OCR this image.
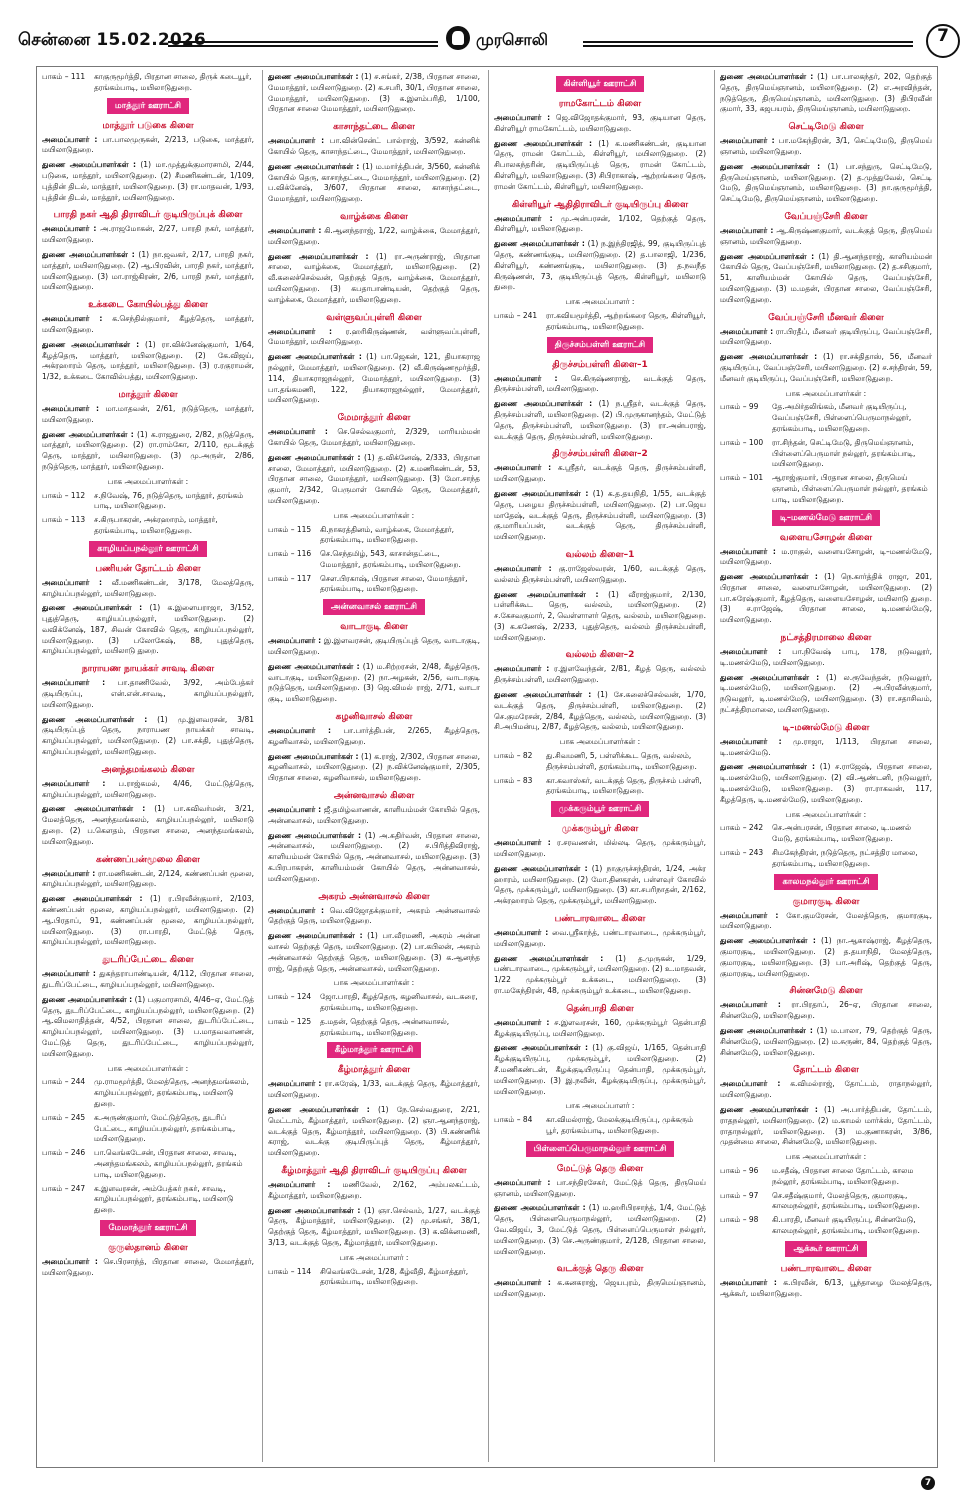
சென்னை 15.02.2026	முரசொலி	7
பாகம் – 111	காகுருமூர்த்தி, பிரதான சாலை, திருக் கடையூர், தரங்கம்பாடி, மயிலாடுதுறை.
மாத்தூர் ஊராட்சி
மாத்தூர் படுகை கிளை
அமைப்பாளர் : பா.பாலமுருகன், 2/213, படுகை, மாத்தூர், மயிலாடுதுறை.
துணை அமைப்பாளர்கள் : (1) மா.முத்துக்குமாரசாமி, 2/44, படுகை, மாத்தூர், மயிலாடுதுறை. (2) சீமணிகண்டன், 1/109, புத்தின் திடல், மாத்தூர், மயிலாடுதுறை. (3) ரா.மாதவன், 1/93, புத்தின் திடல், மாத்தூர், மயிலாடுதுறை.
பாரதி நகர் ஆதி திராவிடர் குடியிருப்புக் கிளை
அமைப்பாளர் : அ.ராஜமோகன், 2/27, பாரதி நகர், மாத்தூர், மயிலாடுதுறை.
துணை அமைப்பாளர்கள் : (1) நா.ஜவகர், 2/17, பாரதி நகர், மாத்தூர், மயிலாடுதுறை. (2) ஆ.பிரவின், பாரதி நகர், மாத்தூர், மயிலாடுதுறை. (3) மா.ராஜ்கிரண், 2/6, பாரதி நகர், மாத்தூர், மயிலாடுதுறை.
உக்கடை கோயில்பத்து கிளை
அமைப்பாளர் : க.செந்தில்குமார், கீழத்தெரு, மாத்தூர், மயிலாடுதுறை.
துணை அமைப்பாளர்கள் : (1) ரா.விக்னேஷ்குமார், 1/64, கீழத்தெரு, மாத்தூர், மயிலாடுதுறை. (2) கே.விஜய், அக்ரஹாரம் தெரு, மாத்தூர், மயிலாடுதுறை. (3) ர.ரகுராமன், 1/32, உக்கடை கோவில்பத்து, மயிலாடுதுறை.
மாத்தூர் கிளை
அமைப்பாளர் : மா.மாதவன், 2/61, நடுத்தெரு, மாத்தூர், மயிலாடுதுறை.
துணை அமைப்பாளர்கள் : (1) க.ராஜதுரை, 2/82, நடுத்தெரு, மாத்தூர், மயிலாடுதுறை. (2) ரா.ராம்கோ, 2/110, மூடக்குத் தெரு, மாத்தூர், மயிலாடுதுறை. (3) மு.அருள், 2/86, நடுத்தெரு, மாத்தூர், மயிலாடுதுறை.
பாக அமைப்பாளர்கள் :
பாகம் – 112	ச.நிவேஷ், 76, நடுத்தெரு, மாத்தூர், தரங்கம் பாடி, மயிலாடுதுறை.
பாகம் – 113	ச.கிருபாகரன், அக்ரஹாரம், மாத்தூர், தரங்கம்பாடி, மயிலாடுதுறை.
காழியப்பநல்லூர் ஊராட்சி
பணியன் தோட்டம் கிளை
அமைப்பாளர் : வீ.மணிகண்டன், 3/178, மேலத்தெரு, காழியப்பநல்லூர், மயிலாடுதுறை.
துணை அமைப்பாளர்கள் : (1) க.இளையராஜா, 3/152, புதுத்தெரு, காழியப்பநல்லூர், மயிலாடுதுறை. (2) வவிக்னேஷ், 187, சிவன் கோவில் தெரு, காழியப்பநல்லூர், மயிலாடுதுறை. (3) பலோகேஷ், 88, புதுத்தெரு, காழியப்பநல்லூர், மயிலாடு துறை.
நாராயண நாயக்கர் சாவடி கிளை
அமைப்பாளர் : பா.தாணிவேல், 3/92, அம்பேத்கர் குடியிருப்பு, என்.என்.சாவடி, காழியப்பநல்லூர், மயிலாடுதுறை.
துணை அமைப்பாளர்கள் : (1) மு.இளவரசன், 3/81 குடியிருப்புத் தெரு, நாராயண நாயக்கர் சாவடி, காழியப்பநல்லூர், மயிலாடுதுறை. (2) பா.சக்தி, புதுத்தெரு, காழியப்பநல்லூர், மயிலாடுதுறை.
அனந்தமங்கலம் கிளை
அமைப்பாளர் : ப.ராஜ்கமல், 4/46, மேட்டுத்தெரு, காழியப்பநல்லூர், மயிலாடுதுறை.
துணை அமைப்பாளர்கள் : (1) பா.கவிவர்மன், 3/21, மேலத்தெரு, அனந்தமங்கலம், காழியப்பநல்லூர், மயிலாடு துறை. (2) ப.கௌதம், பிரதான சாலை, அனந்தமங்கலம், மயிலாடுதுறை.
கண்ணப்பன்மூலை கிளை
அமைப்பாளர் : ரா.மணிகண்டன், 2/124, கண்ணப்பன் மூலை, காழியப்பநல்லூர், மயிலாடுதுறை.
துணை அமைப்பாளர்கள் : (1) ர.பிரவீன்குமார், 2/103, கண்ணப்பன் மூலை, காழியப்பநல்லூர், மயிலாடுதுறை. (2) ஆ.பிரதாப், 91, கண்ணப்பன் மூலை, காழியப்பநல்லூர், மயிலாடுதுறை. (3) ரா.பாரதி, மேட்டுத் தெரு, காழியப்பநல்லூர், மயிலாடுதுறை.
துடரிப்பேட்டை கிளை
அமைப்பாளர் : துகந்தராபாண்டியன், 4/112, பிரதான சாலை, துடரிப்பேட்டை, காழியப்பநல்லூர், மயிலாடுதுறை.
துணை அமைப்பாளர்கள் : (1) பகுமாரசாமி, 4/46–ஏ, மேட்டுத் தெரு, துடரிப்பேட்டை, காழியப்பநல்லூர், மயிலாடுதுறை. (2) ஆ.விமலாதித்தன், 4/52, பிரதான சாலை, துடரிப்பேட்டை, காழியப்பநல்லூர், மயிலாடுதுறை. (3) ப.மாதவவாணன், மேட்டுத் தெரு, துடரிப்பேட்டை, காழியப்பநல்லூர், மயிலாடுதுறை.
பாக அமைப்பாளர்கள் :
பாகம் – 244	மு.ராமமூர்த்தி, மேலத்தெரு, அனந்தமங்கலம், காழியப்பநல்லூர், தரங்கம்பாடி, மயிலாடு துறை.
பாகம் – 245	க.அருண்குமார், மேட்டுத்தெரு, துடரிப் பேட்டை, காழியப்பநல்லூர், தரங்கம்பாடி, மயிலாடுதுறை.
பாகம் – 246	பா.வெங்கடேசன், பிரதான சாலை, சாவடி, அனந்தமங்கலம், காழியப்பநல்லூர், தரங்கம் பாடி, மயிலாடுதுறை.
பாகம் – 247	க.இளவரசன், அம்பேத்கர் நகர், சாவடி, காழியப்பநல்லூர், தரங்கம்பாடி, மயிலாடு துறை.
மேமாத்தூர் ஊராட்சி
குருஸ்தானம் கிளை
அமைப்பாளர் : செ.பிரசாந்த், பிரதான சாலை, மேமாத்தூர், மயிலாடுதுறை.
துணை அமைப்பாளர்கள் : (1) ச.சங்கர், 2/38, பிரதான சாலை, மேமாத்தூர், மயிலாடுதுறை. (2) க.சபரி, 30/1, பிரதான சாலை, மேமாத்தூர், மயிலாடுதுறை. (3) க.இளம்பரிதி, 1/100, பிரதான சாலை மேமாத்தூர், மயிலாடுதுறை.
காசாந்தட்டை கிளை
அமைப்பாளர் : பா.வின்சென்ட் பால்ராஜ், 3/592, கன்னிக் கோயில் தெரு, காசாந்தட்டை, மேமாத்தூர், மயிலாடுதுறை.
துணை அமைப்பாளர்கள் : (1) ம.மார்த்திபன், 3/560, கன்னிக் கோயில் தெரு, காசாந்தட்டை, மேமாத்தூர், மயிலாடுதுறை. (2) ப.விக்னேஷ், 3/607, பிரதான சாலை, காசாந்தட்டை, மேமாத்தூர், மயிலாடுதுறை.
வாழ்க்கை கிளை
அமைப்பாளர் : கி.ஆனந்தராஜ், 1/22, வாழ்க்கை, மேமாத்தூர், மயிலாடுதுறை.
துணை அமைப்பாளர்கள் : (1) ரா.அருண்ராஜ், பிரதான சாலை, வாழ்க்கை, மேமாத்தூர், மயிலாடுதுறை. (2) வீ.கலைச்செல்வன், தெற்குத் தெரு, வாழ்க்கை, மேமாத்தூர், மயிலாடுதுறை. (3) கபதாபாண்டியன், தெற்குத் தெரு, வாழ்க்கை, மேமாத்தூர், மயிலாடுதுறை.
வள்ளுவப்புள்ளி கிளை
அமைப்பாளர் : ர.ஹரிகிருஷ்ணன், வள்ளுவப்புள்ளி, மேமாத்தூர், மயிலாடுதுறை.
துணை அமைப்பாளர்கள் : (1) பா.ஜெகன், 121, தியாகராஜ நல்லூர், மேமாத்தூர், மயிலாடுதுறை. (2) வீ.கிருஷ்ணமூர்த்தி, 114, தியாகராஜநல்லூர், மேமாத்தூர், மயிலாடுதுறை. (3) பா.தங்கமணி, 122, தியாகராஜநல்லூர், மேமாத்தூர், மயிலாடுதுறை.
மேமாத்தூர் கிளை
அமைப்பாளர் : செ.செல்வகுமார், 2/329, மாரியம்மன் கோயில் தெரு, மேமாத்தூர், மயிலாடுதுறை.
துணை அமைப்பாளர்கள் : (1) த.விக்னேஷ், 2/333, பிரதான சாலை, மேமாத்தூர், மயிலாடுதுறை. (2) க.மணிகண்டன், 53, பிரதான சாலை, மேமாத்தூர், மயிலாடுதுறை. (3) மோ.சாந்த குமார், 2/342, பெருமாள் கோயில் தெரு, மேமாத்தூர், மயிலாடுதுறை.
பாக அமைப்பாளர்கள் :
பாகம் – 115	கி.நாகரத்தினம், வாழ்க்கை, மேமாத்தூர், தரங்கம்பாடி, மயிலாடுதுறை.
பாகம் – 116	செ.செந்தமிழ், 543, காசான்தட்டை, மேமாத்தூர், தரங்கம்பாடி, மயிலாடுதுறை.
பாகம் – 117	சௌ.பிரகாஷ், பிரதான சாலை, மேமாத்தூர், தரங்கம்பாடி, மயிலாடுதுறை.
அன்னவாசல் ஊராட்சி
வாடாகுடி கிளை
அமைப்பாளர் : இ.இளவரசன், குடியிருப்புத் தெரு, வாடாகுடி, மயிலாடுதுறை.
துணை அமைப்பாளர்கள் : (1) ம.சிற்றரசன், 2/48, கீழத்தெரு, வாடாகுடி, மயிலாடுதுறை. (2) நா.அழகன், 2/56, வாடாகுடி நடுத்தெரு, மயிலாடுதுறை. (3) ஜெ.விமல் ராஜ், 2/71, வாடா குடி, மயிலாடுதுறை.
கழனிவாசல் கிளை
அமைப்பாளர் : பா.பார்த்திபன், 2/265, கீழத்தெரு, கழனிவாசல், மயிலாடுதுறை.
துணை அமைப்பாளர்கள் : (1) க.ராஜ், 2/302, பிரதான சாலை, கழனிவாசல், மயிலாடுதுறை. (2) ந.விக்னேஷ்குமார், 2/305, பிரதான சாலை, கழனிவாசல், மயிலாடுதுறை.
அன்னவாசல் கிளை
அமைப்பாளர் : ஜீ.தமிழ்வாணன், காளியம்மன் கோயில் தெரு, அன்னவாசல், மயிலாடுதுறை.
துணை அமைப்பாளர்கள் : (1) அ.சுதிர்வன், பிரதான சாலை, அன்னவாசல், மயிலாடுதுறை. (2) ச.பிரித்திவிராஜ், காளியம்மன் கோயில் தெரு, அன்னவாசல், மயிலாடுதுறை. (3) க.பிரபாகரன், காளியம்மன் கோயில் தெரு, அன்னவாசல், மயிலாடுதுறை.
அகரம் அன்னவாசல் கிளை
அமைப்பாளர் : வெ.விஜோதக்குமார், அகரம் அன்னவாசல் தெற்குத் தெரு, மயிலாடுதுறை.
துணை அமைப்பாளர்கள் : (1) பா.வீரமணி, அகரம் அன்ன வாசல் தெற்குத் தெரு, மயிலாடுதுறை. (2) பா.கபிலன், அகரம் அன்னவாசல் தெற்குத் தெரு, மயிலாடுதுறை. (3) க.ஆனந்த ராஜ், தெற்குத் தெரு, அன்னவாசல், மயிலாடுதுறை.
பாக அமைப்பாளர்கள் :
பாகம் – 124	ஜோ.பாரதி, கீழத்தெரு, கழனிவாசல், வடகரை, தரங்கம்பாடி, மயிலாடுதுறை.
பாகம் – 125	த.மதன், தெற்குத் தெரு, அன்னவாசல், தரங்கம்பாடி, மயிலாடுதுறை.
கீழ்மாத்தூர் ஊராட்சி
கீழ்மாத்தூர் கிளை
அமைப்பாளர் : ரா.சுரேஷ், 1/33, வடக்குத் தெரு, கீழ்மாத்தூர், மயிலாடுதுறை.
துணை அமைப்பாளர்கள் : (1) நே.செல்வதுரை, 2/21, மெட்டாம், கீழ்மாத்தூர், மயிலாடுதுறை. (2) ஞா.ஆனந்தராஜ், வடக்குத் தெரு, கீழ்மாத்தூர், மயிலாடுதுறை. (3) பி.கண்ணிக் கராஜ், வடக்கு குடியிருப்புத் தெரு, கீழ்மாத்தூர், மயிலாடுதுறை.
கீழ்மாத்தூர் ஆதி திராவிடர் குடியிருப்பு கிளை
அமைப்பாளர் : மணிவேல், 2/162, அம்பலகட்டம், கீழ்மாத்தூர், மயிலாடுதுறை.
துணை அமைப்பாளர்கள் : (1) ஞா.செல்வம், 1/27, வடக்குத் தெரு, கீழ்மாத்தூர், மயிலாடுதுறை. (2) மு.சங்கர், 38/1, தெற்குத் தெரு, கீழ்மாத்தூர், மயிலாடுதுறை. (3) க.விக்னமணி, 3/13, வடக்குத் தெரு, கீழ்மாத்தூர், மயிலாடுதுறை.
பாக அமைப்பாளர் :
பாகம் – 114	சிவெங்கடேசன், 1/28, கீழ்வீதி, கீழ்மாத்தூர், தரங்கம்பாடி, மயிலாடுதுறை.
கிள்ளியூர் ஊராட்சி
ராமகோட்டம் கிளை
அமைப்பாளர் : ஜெ.விஜோதக்குமார், 93, குடியான தெரு, கிள்ளியூர் ராமகோட்டம், மயிலாடுதுறை.
துணை அமைப்பாளர்கள் : (1) க.மணிகண்டன், குடியான தெரு, ராமன் கோட்டம், கிள்ளியூர், மயிலாடுதுறை. (2) சிபாலசுந்தரின், குடியிருப்புத் தெரு, ராமன் கோட்டம், கிள்ளியூர், மயிலாடுதுறை. (3) சிபிராகாஷ், ஆற்றங்கரை தெரு, ராமன் கோட்டம், கிள்ளியூர், மயிலாடுதுறை.
கிள்ளியூர் ஆதிதிராவிடர் குடியிருப்பு கிளை
அமைப்பாளர் : மு.அன்பரசன், 1/102, தெற்குத் தெரு, கிள்ளியூர், மயிலாடுதுறை.
துணை அமைப்பாளர்கள் : (1) ந.இந்திரஜித், 99, குடியிருப்புத் தெரு, கண்ணங்குடி, மயிலாடுதுறை. (2) த.பாலாஜி, 1/236, கிள்ளியூர், கண்ணங்குடி, மயிலாடுதுறை. (3) த.நவநீத கிருஷ்ணன், 73, குடியிருப்புத் தெரு, கிள்ளியூர், மயிலாடு துறை.
பாக அமைப்பாளர் :
பாகம் – 241	ரா.கவியமூர்த்தி, ஆற்றங்கரை தெரு, கிள்ளியூர், தரங்கம்பாடி, மயிலாடுதுறை.
திருச்சம்பள்ளி ஊராட்சி
திருச்சம்பள்ளி கிளை–1
அமைப்பாளர் : செ.கிருஷ்ணராஜ், வடக்குத் தெரு, திருச்சம்பள்ளி, மயிலாடுதுறை.
துணை அமைப்பாளர்கள் : (1) ந.ஸ்ரீதர், வடக்குத் தெரு, திருச்சம்பள்ளி, மயிலாடுதுறை. (2) பி.முருகானந்தம், மேட்டுத் தெரு, திருச்சம்பள்ளி, மயிலாடுதுறை. (3) ரா.அன்பராஜ், வடக்குத் தெரு, திருச்சம்பள்ளி, மயிலாடுதுறை.
திருச்சம்பள்ளி கிளை–2
அமைப்பாளர் : க.ஸ்ரீதர், வடக்குத் தெரு, திருச்சம்பள்ளி, மயிலாடுதுறை.
துணை அமைப்பாளர்கள் : (1) க.த.தயநிதி, 1/55, வடக்குத் தெரு, பழைய திருச்சம்பள்ளி, மயிலாடுதுறை. (2) பா.ஜெய மாதேஷ், வடக்குத் தெரு, திருச்சம்பள்ளி, மயிலாடுதுறை. (3) கு.மாரியப்பன், வடக்குத் தெரு, திருச்சம்பள்ளி, மயிலாடுதுறை.
வல்லம் கிளை–1
அமைப்பாளர் : கு.ராஜேஸ்வரன், 1/60, வடக்குத் தெரு, வல்லம் திருச்சம்பள்ளி, மயிலாடுதுறை.
துணை அமைப்பாளர்கள் : (1) வீராஜ்குமார், 2/130, பள்ளிக்கூட தெரு, வல்லம், மயிலாடுதுறை. (2) ச.கேசவகுமார், 2, வெள்ளாளர் தெரு, வல்லம், மயிலாடுதுறை. (3) க.கணேஷ், 2/233, புதுத்தெரு, வல்லம் திருச்சம்பள்ளி, மயிலாடுதுறை.
வல்லம் கிளை–2
அமைப்பாளர் : ர.இளவேந்தன், 2/81, கீழத் தெரு, வல்லம் திருச்சம்பள்ளி, மயிலாடுதுறை.
துணை அமைப்பாளர்கள் : (1) சே.கலைச்செல்வன், 1/70, வடக்குத் தெரு, திருச்சம்பள்ளி, மயிலாடுதுறை. (2) செ.குமரேசன், 2/84, கீழத்தெரு, வல்லம், மயிலாடுதுறை. (3) சி.அபிமன்யு, 2/87, கீழத்தெரு, வல்லம், மயிலாடுதுறை.
பாக அமைப்பாளர்கள் :
பாகம் – 82	து.சிவமணி, 5, பள்ளிக்கூட தெரு, வல்லம், திருச்சம்பள்ளி, தரங்கம்பாடி, மயிலாடுதுறை.
பாகம் – 83	கா.கவாஸ்கர், வடக்குத் தெரு, திருச்சம் பள்ளி, தரங்கம்பாடி, மயிலாடுதுறை.
முக்கரும்பூர் ஊராட்சி
முக்கரும்பூர் கிளை
அமைப்பாளர் : ர.சரவணன், மில்லடி தெரு, முக்கரும்பூர், மயிலாடுதுறை.
துணை அமைப்பாளர்கள் : (1) நாகுருச்சந்திரன், 1/24, அக்ர ஹாரம், மயிலாடுதுறை. (2) மோ.தினகரன், பள்ளவுர் கோவில் தெரு, முக்கரும்பூர், மயிலாடுதுறை. (3) கா.சபரிநாதன், 2/162, அக்ரஹாரம் தெரு, முக்கரும்பூர், மயிலாடுதுறை.
பண்டாரவாடை கிளை
அமைப்பாளர் : வை.ஸ்ரீகாந்த், பண்டாரவாடை, முக்கரும்பூர், மயிலாடுதுறை.
துணை அமைப்பாளர்கள் : (1) த.முருகன், 1/29, பண்டாரவாடை, முக்கரும்பூர், மயிலாடுதுறை. (2) உ.மாதவன், 1/22 முக்கரும்பூர் உக்கடை, மயிலாடுதுறை. (3) ரா.மகேந்திரன், 48, முக்கரும்பூர் உக்கடை, மயிலாடுதுறை.
தென்பாதி கிளை
அமைப்பாளர் : ச.இளவரசன், 160, முக்கரும்பூர் தென்பாதி கீழக்குடியிருப்பு, மயிலாடுதுறை.
துணை அமைப்பாளர்கள் : (1) கு.விஜய், 1/165, தென்பாதி கீழக்குடியிருப்பு, முக்கரும்பூர், மயிலாடுதுறை. (2) சீ.மணிகண்டன், கீழக்குடியிருப்பு தென்பாதி, முக்கரும்பூர், மயிலாடுதுறை. (3) இ.நவீன், கீழக்குடியிருப்பு, முக்கரும்பூர், மயிலாடுதுறை.
பாக அமைப்பாளர் :
பாகம் – 84	கா.விமல்ராஜ், மேலக்குடியிருப்பு, முக்கரும் பூர், தரங்கம்பாடி, மயிலாடுதுறை.
பிள்ளைப்பெருமாநல்லூர் ஊராட்சி
மேட்டுத் தெரு கிளை
அமைப்பாளர் : பா.சந்திரசேகர், மேட்டுத் தெரு, திருமெய் ஞானம், மயிலாடுதுறை.
துணை அமைப்பாளர்கள் : (1) ம.ஹரிபிரசாந்த், 1/4, மேட்டுத் தெரு, பிள்ளைபெருமாநல்லூர், மயிலாடுதுறை. (2) வே.விஜய், 3, மேட்டுத் தெரு, பிள்ளைப்பெருமாள் நல்லூர், மயிலாடுதுறை. (3) செ.அருண்குமார், 2/128, பிரதான சாலை, மயிலாடுதுறை.
வடக்குத் தெரு கிளை
அமைப்பாளர் : க.கனகராஜ், ஜெயபுரம், திருமெய்ஞானம், மயிலாடுதுறை.
துணை அமைப்பாளர்கள் : (1) பா.பாலகந்தர், 202, தெற்குத் தெரு, திருமெய்ஞானம், மயிலாடுதுறை. (2) எ.அரவிந்தன், நடுத்தெரு, திருமெய்ஞானம், மயிலாடுதுறை. (3) திபிரவீன் குமார், 33, கஜபயரம், திருமெய்ஞானம், மயிலாடுதுறை.
செட்டிமேடு கிளை
அமைப்பாளர் : பா.மகேந்திரன், 3/1, செட்டிமேடு, திருமெய் ஞானம், மயிலாடுதுறை.
துணை அமைப்பாளர்கள் : (1) பா.சந்துரு, செட்டிமேடு, திருமெய்ஞானம், மயிலாடுதுறை. (2) த.முத்துவேல், செட்டி மேடு, திருமெய்ஞானம், மயிலாடுதுறை. (3) நா.குருமூர்த்தி, செட்டிமேடு, திருமெய்ஞானம், மயிலாடுதுறை.
வேப்பஞ்சேரி கிளை
அமைப்பாளர் : ஆ.கிருஷ்ணகுமார், வடக்குத் தெரு, திருமெய் ஞானம், மயிலாடுதுறை.
துணை அமைப்பாளர்கள் : (1) தி.ஆனந்தராஜ், காளியம்மன் கோயில் தெரு, வேப்பஞ்சேரி, மயிலாடுதுறை. (2) த.சசிகுமார், 51, காளியம்மன் கோயில் தெரு, வேப்பஞ்சேரி, மயிலாடுதுறை. (3) ம.மதன், பிரதான சாலை, வேப்பஞ்சேரி, மயிலாடுதுறை.
வேப்பஞ்சேரி மீனவர் கிளை
அமைப்பாளர் : ரா.பிரதீப், மீனவர் குடியிருப்பு, வேப்பஞ்சேரி, மயிலாடுதுறை.
துணை அமைப்பாளர்கள் : (1) ரா.சக்திதாஸ், 56, மீனவர் குடியிருப்பு, வேப்பஞ்சேரி, மயிலாடுதுறை. (2) ச.சந்திரன், 59, மீனவர் குடியிருப்பு, வேப்பஞ்சேரி, மயிலாடுதுறை.
பாக அமைப்பாளர்கள் :
பாகம் – 99	தே.அமிர்தலிங்கம், மீனவர் குடியிருப்பு, வேப்பஞ்சேரி, பிள்ளைப்பெருமாநல்லூர், தரங்கம்பாடி, மயிலாடுதுறை.
பாகம் – 100	ரா.சிந்தன், செட்டிமேடு, திருமெய்ஞானம், பிள்ளைப்பெருமாள் நல்லூர், தரங்கம்பாடி, மயிலாடுதுறை.
பாகம் – 101	ஆராஜ்குமார், பிரதான சாலை, திருமெய் ஞானம், பிள்ளைப்பெருமாள் நல்லூர், தரங்கம் பாடி, மயிலாடுதுறை.
டி–மணல்மேடு ஊராட்சி
வளையசோழன் கிளை
அமைப்பாளர் : ம.ராகுல், வளையசோழன், டி–மணல்மேடு, மயிலாடுதுறை.
துணை அமைப்பாளர்கள் : (1) நெ.கார்த்திக் ராஜா, 201, பிரதான சாலை, வளையசோழன், மயிலாடுதுறை. (2) பா.சுரேஷ்குமார், கீழத்தெரு, வளையசோழன், மயிலாடு துறை. (3) ச.ராஜேஷ், பிரதான சாலை, டி.மணல்மேடு, மயிலாடுதுறை.
நட்சத்திரமாலை கிளை
அமைப்பாளர் : பா.நிவேஷ் பாபு, 178, நடுவலூர், டி.மணல்மேடு, மயிலாடுதுறை.
துணை அமைப்பாளர்கள் : (1) ல.ரூவேந்தன், நடுவலூர், டி.மணல்மேடு, மயிலாடுதுறை. (2) அ.பிரவீன்குமார், நடுவலூர், டி.மணல்மேடு, மயிலாடுதுறை. (3) ரா.சதாசிவம், நட்சத்திரமாலை, மயிலாடுதுறை.
டி–மணல்மேடு கிளை
அமைப்பாளர் : மு.ராஜா, 1/113, பிரதான சாலை, டி.மணல்மேடு.
துணை அமைப்பாளர்கள் : (1) ச.ராஜேஷ், பிரதான சாலை, டி.மணல்மேடு, மயிலாடுதுறை. (2) வி.ஆண்டனி, நடுவலூர், டி.மணல்மேடு, மயிலாடுதுறை. (3) ரா.ராகவன், 117, கீழத்தெரு, டி.மணல்மேடு, மயிலாடுதுறை.
பாக அமைப்பாளர்கள் :
பாகம் – 242	செ.அன்பரசன், பிரதான சாலை, டி.மணல் மேடு, தரங்கம்பாடி, மயிலாடுதுறை.
பாகம் – 243	சிமகேந்திரன், நடுத்தெரு, நட்சத்திர மாலை, தரங்கம்பாடி, மயிலாடுதுறை.
காலமநல்லூர் ஊராட்சி
குமாரகுடி கிளை
அமைப்பாளர் : கோ.குமரேசன், மேலத்தெரு, குமாரகுடி, மயிலாடுதுறை.
துணை அமைப்பாளர்கள் : (1) நா.ஆகாஷ்ராஜ், கீழத்தெரு, குமாரகுடி, மயிலாடுதுறை. (2) த.தயாநிதி, மேலத்தெரு, குமாரகுடி, மயிலாடுதுறை. (3) பா.அரிஷ், தெற்குத் தெரு, குமாரகுடி, மயிலாடுதுறை.
சின்னமேடு கிளை
அமைப்பாளர் : ரா.பிரதாப், 26–ஏ, பிரதான சாலை, சின்னமேடு, மயிலாடுதுறை.
துணை அமைப்பாளர்கள் : (1) ம.பாலா, 79, தெற்குத் தெரு, சின்னமேடு, மயிலாடுதுறை. (2) ம.சுருண், 84, தெற்குத் தெரு, சின்னமேடு, மயிலாடுதுறை.
தோட்டம் கிளை
அமைப்பாளர் : க.விமல்ராஜ், தோட்டம், ராதாநல்லூர், மயிலாடுதுறை.
துணை அமைப்பாளர்கள் : (1) அ.பார்த்திபன், தோட்டம், ராதநல்லூர், மயிலாடுதுறை. (2) ம.காமல் மார்க்ஸ், தோட்டம், ராதாநல்லூர், மயிலாடுதுறை. (3) ம.குணாகரன், 3/86, முதன்மை சாலை, சின்னமேடு, மயிலாடுதுறை.
பாக அமைப்பாளர்கள் :
பாகம் – 96	ம.சதீஷ், பிரதான சாலை தோட்டம், காலம நல்லூர், தரங்கம்பாடி, மயிலாடுதுறை.
பாகம் – 97	செ.சதீஷ்குமார், மேலத்தெரு, குமாரகுடி, காலமநல்லூர், தரங்கம்பாடி, மயிலாடுதுறை.
பாகம் – 98	கி.பாரதி, மீனவர் குடியிருப்பு, சின்னமேடு, காலமநல்லூர், தரங்கம்பாடி, மயிலாடுதுறை.
ஆக்கூர் ஊராட்சி
பண்டாரவாடை கிளை
அமைப்பாளர் : க.பிரவீன், 6/13, பூந்தாழை மேலத்தெரு, ஆக்கூர், மயிலாடுதுறை.
7
